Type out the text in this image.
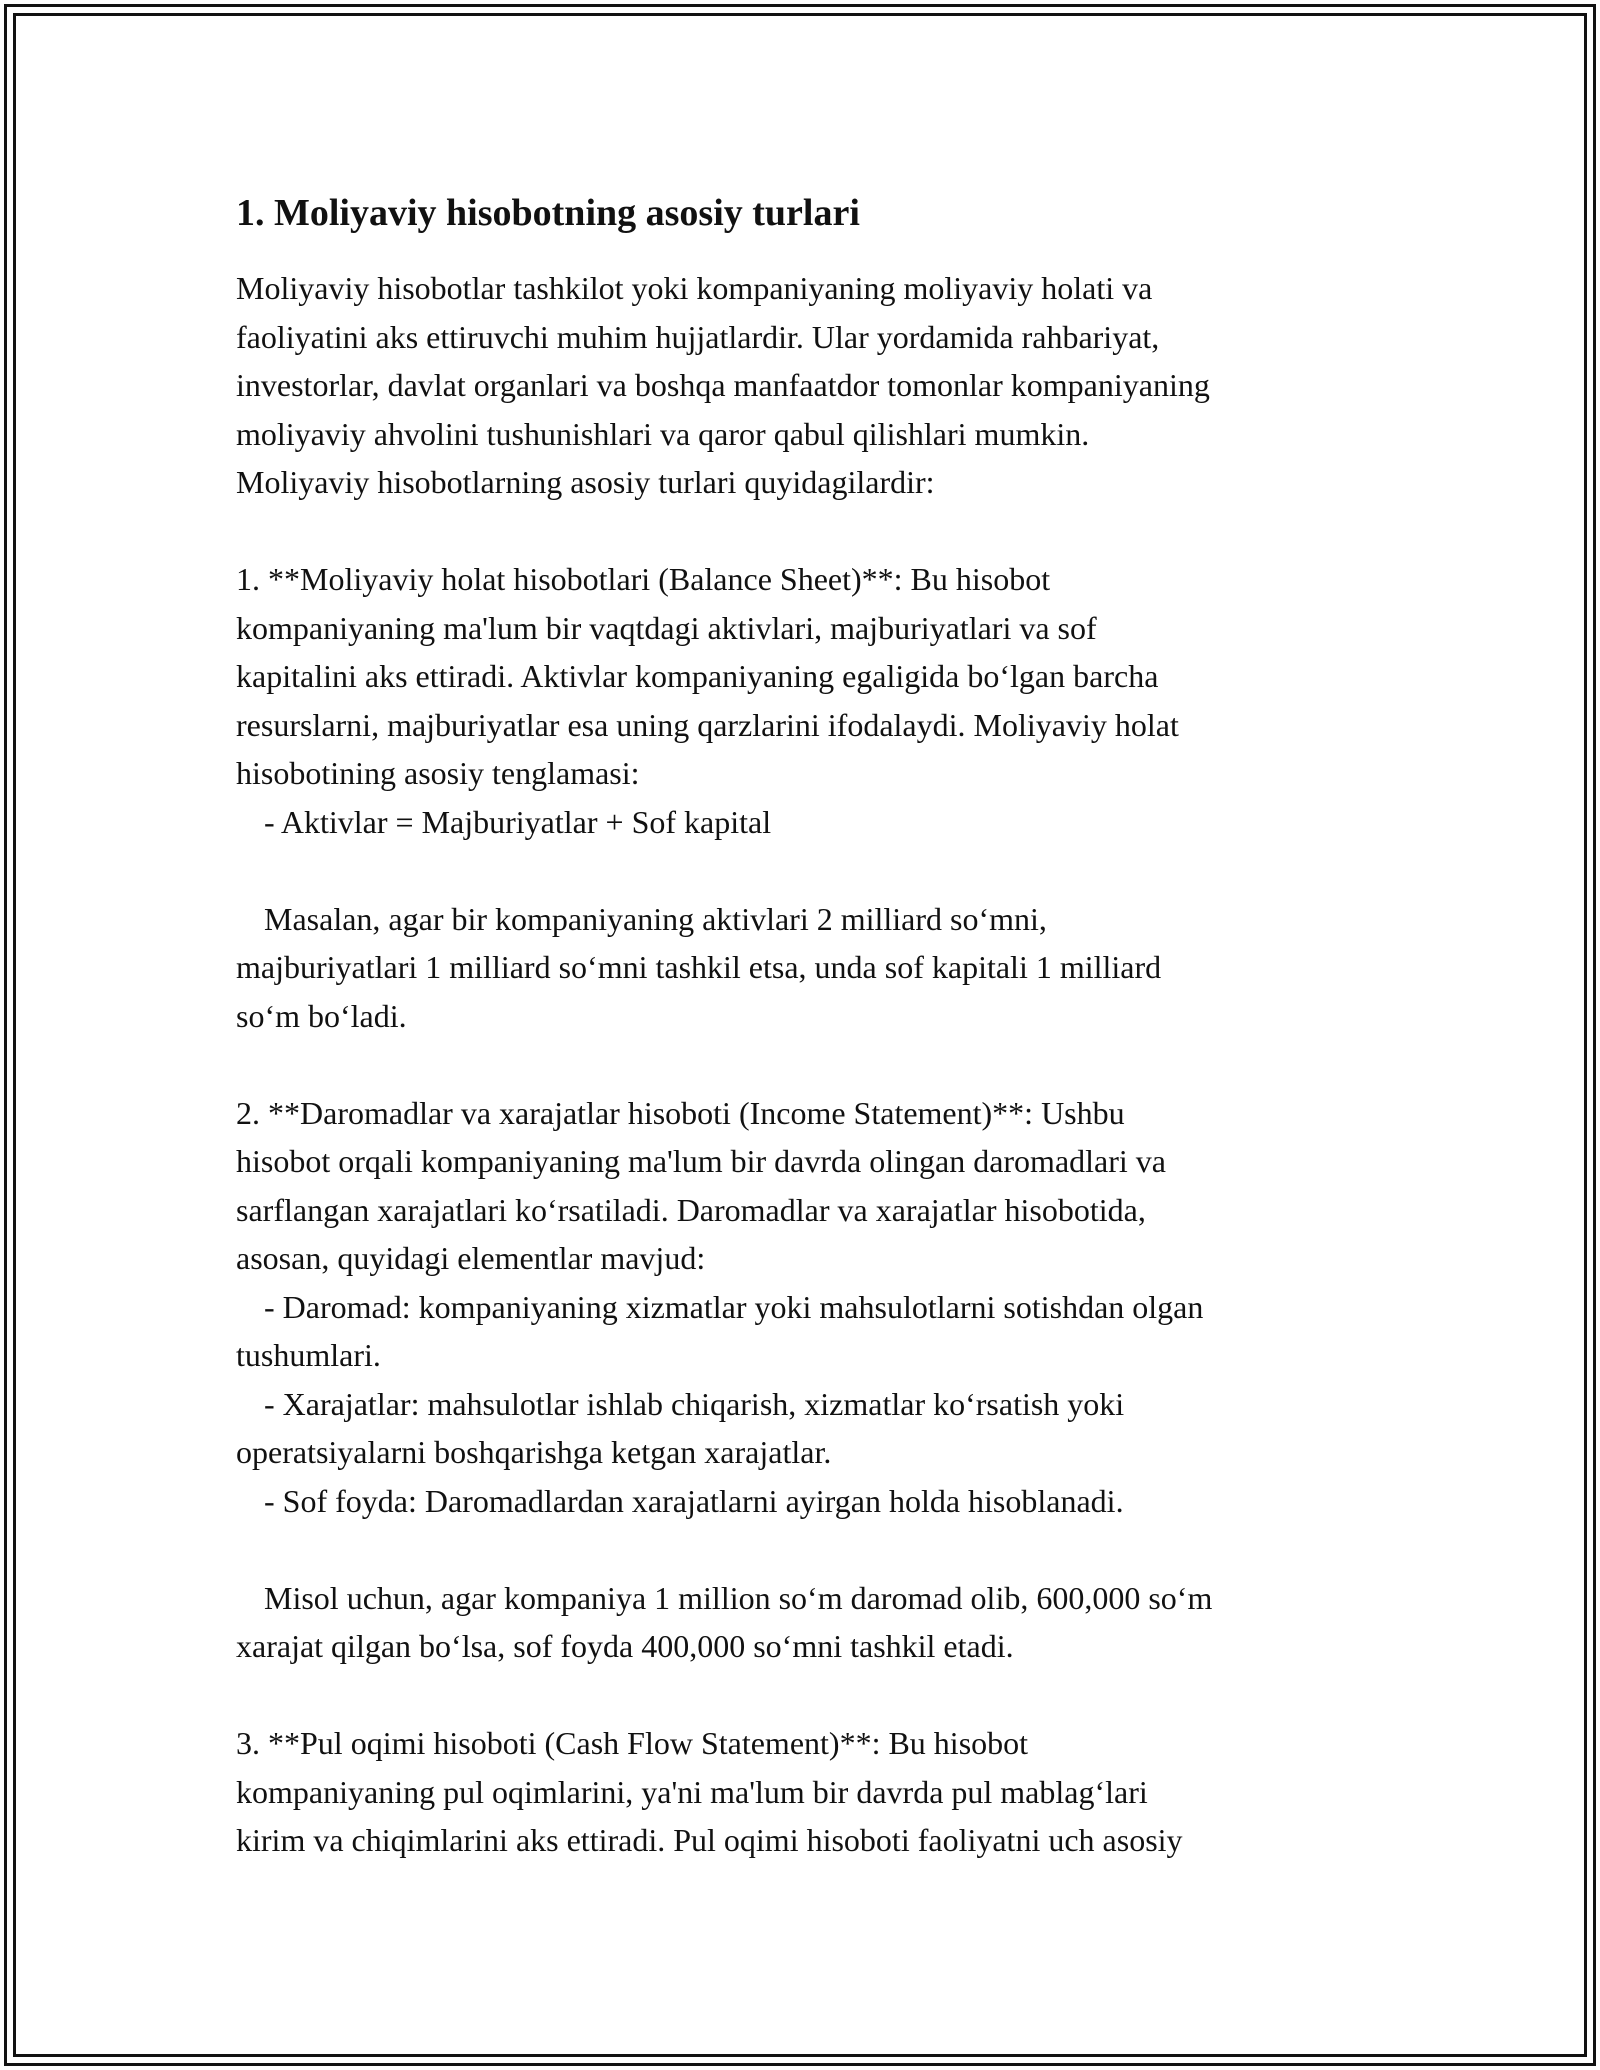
1. Moliyaviy hisobotning asosiy turlari
Moliyaviy hisobotlar tashkilot yoki kompaniyaning moliyaviy holati va
faoliyatini aks ettiruvchi muhim hujjatlardir. Ular yordamida rahbariyat,
investorlar, davlat organlari va boshqa manfaatdor tomonlar kompaniyaning
moliyaviy ahvolini tushunishlari va qaror qabul qilishlari mumkin.
Moliyaviy hisobotlarning asosiy turlari quyidagilardir:
1. **Moliyaviy holat hisobotlari (Balance Sheet)**: Bu hisobot
kompaniyaning ma'lum bir vaqtdagi aktivlari, majburiyatlari va sof
kapitalini aks ettiradi. Aktivlar kompaniyaning egaligida bo‘lgan barcha
resurslarni, majburiyatlar esa uning qarzlarini ifodalaydi. Moliyaviy holat
hisobotining asosiy tenglamasi:
- Aktivlar = Majburiyatlar + Sof kapital
Masalan, agar bir kompaniyaning aktivlari 2 milliard so‘mni,
majburiyatlari 1 milliard so‘mni tashkil etsa, unda sof kapitali 1 milliard
so‘m bo‘ladi.
2. **Daromadlar va xarajatlar hisoboti (Income Statement)**: Ushbu
hisobot orqali kompaniyaning ma'lum bir davrda olingan daromadlari va
sarflangan xarajatlari ko‘rsatiladi. Daromadlar va xarajatlar hisobotida,
asosan, quyidagi elementlar mavjud:
- Daromad: kompaniyaning xizmatlar yoki mahsulotlarni sotishdan olgan
tushumlari.
- Xarajatlar: mahsulotlar ishlab chiqarish, xizmatlar ko‘rsatish yoki
operatsiyalarni boshqarishga ketgan xarajatlar.
- Sof foyda: Daromadlardan xarajatlarni ayirgan holda hisoblanadi.
Misol uchun, agar kompaniya 1 million so‘m daromad olib, 600,000 so‘m
xarajat qilgan bo‘lsa, sof foyda 400,000 so‘mni tashkil etadi.
3. **Pul oqimi hisoboti (Cash Flow Statement)**: Bu hisobot
kompaniyaning pul oqimlarini, ya'ni ma'lum bir davrda pul mablag‘lari
kirim va chiqimlarini aks ettiradi. Pul oqimi hisoboti faoliyatni uch asosiy
